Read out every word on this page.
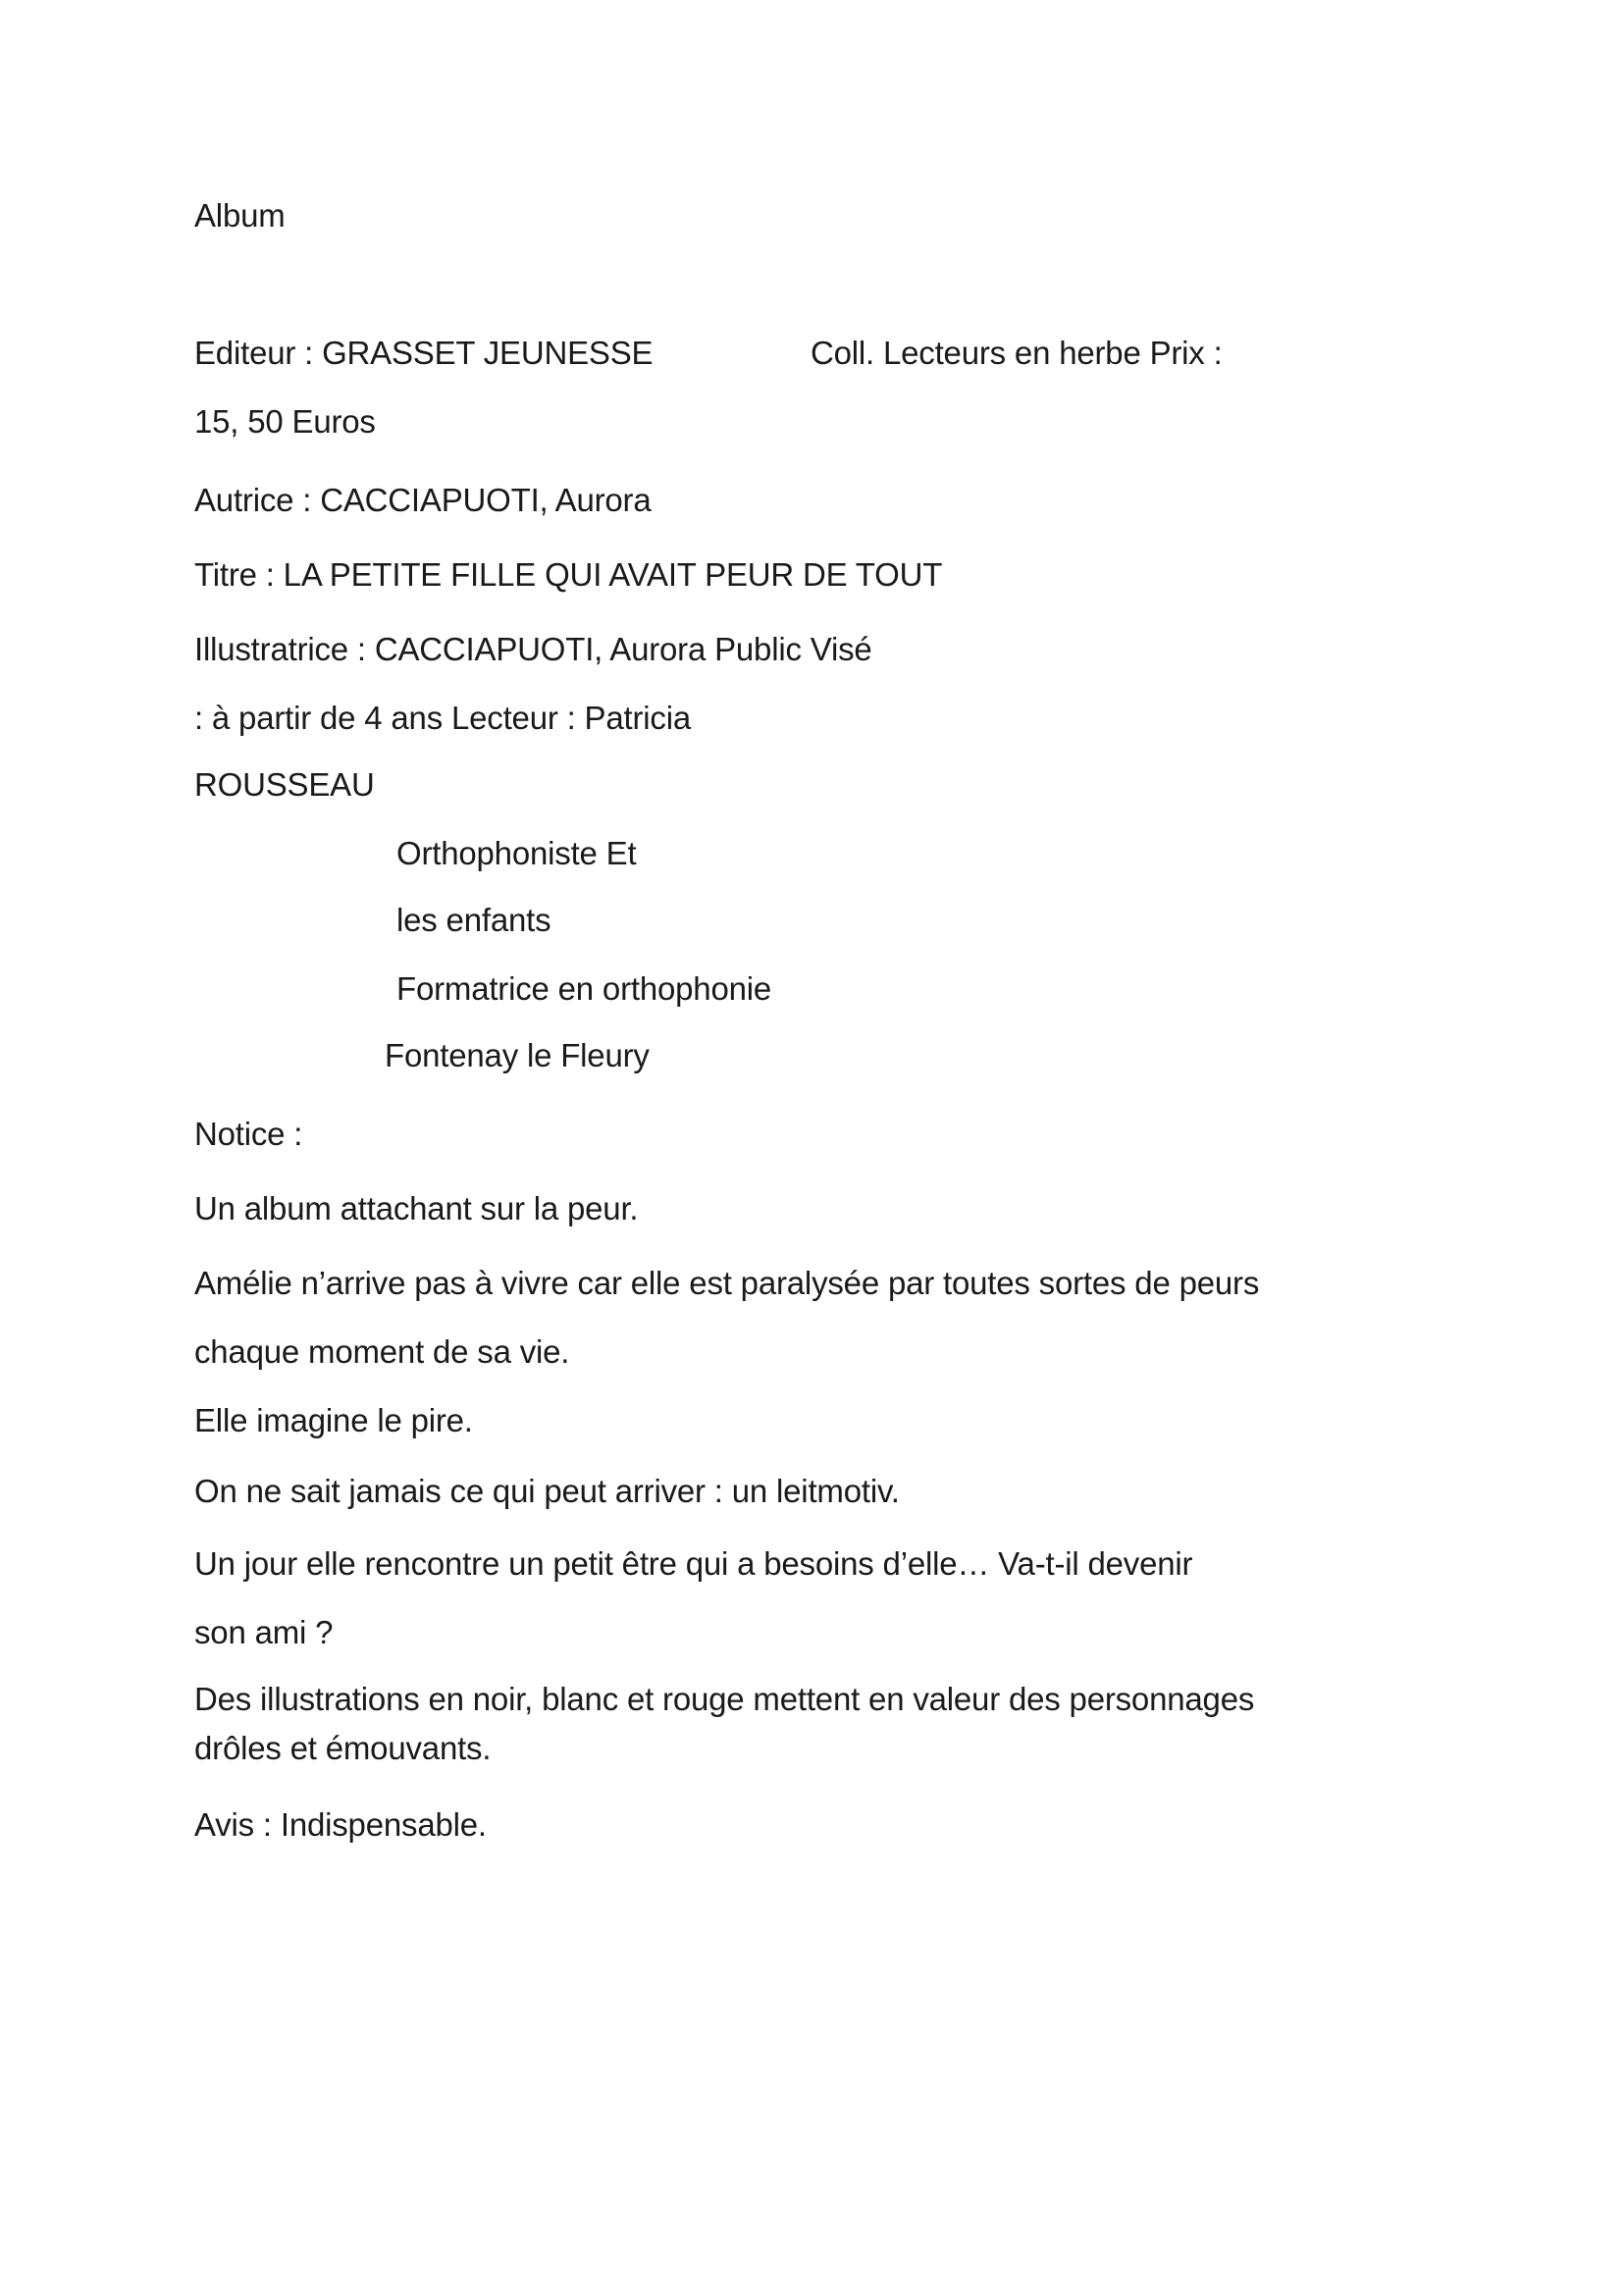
Album
Editeur : GRASSET JEUNESSE	Coll. Lecteurs en herbe Prix :
15, 50 Euros
Autrice : CACCIAPUOTI, Aurora
Titre : LA PETITE FILLE QUI AVAIT PEUR DE TOUT
Illustratrice : CACCIAPUOTI, Aurora Public Visé
: à partir de 4 ans Lecteur : Patricia
ROUSSEAU
Orthophoniste Et
les enfants
Formatrice en orthophonie
Fontenay le Fleury
Notice :
Un album attachant sur la peur.
Amélie n’arrive pas à vivre car elle est paralysée par toutes sortes de peurs
chaque moment de sa vie.
Elle imagine le pire.
On ne sait jamais ce qui peut arriver : un leitmotiv.
Un jour elle rencontre un petit être qui a besoins d’elle… Va-t-il devenir
son ami ?
Des illustrations en noir, blanc et rouge mettent en valeur des personnages
drôles et émouvants.
Avis : Indispensable.
